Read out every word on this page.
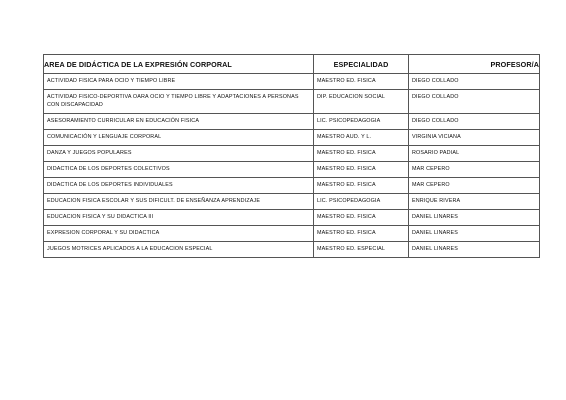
AREA DE DIDÁCTICA DE LA EXPRESIÓN CORPORAL	ESPECIALIDAD	PROFESOR/A
ACTIVIDAD FISICA PARA OCIO Y TIEMPO LIBRE	MAESTRO ED. FISICA	DIEGO COLLADO
ACTIVIDAD FISICO-DEPORTIVA OARA OCIO Y TIEMPO LIBRE Y ADAPTACIONES A PERSONAS CON DISCAPACIDAD	DIP. EDUCACION SOCIAL	DIEGO COLLADO
ASESORAMIENTO CURRICULAR EN EDUCACIÓN FISICA	LIC. PSICOPEDAGOGIA	DIEGO COLLADO
COMUNICACIÓN Y LENGUAJE CORPORAL	MAESTRO AUD. Y L.	VIRGINIA VICIANA
DANZA Y JUEGOS POPULARES	MAESTRO ED. FISICA	ROSARIO PADIAL
DIDACTICA DE LOS DEPORTES COLECTIVOS	MAESTRO ED. FISICA	MAR CEPERO
DIDACTICA DE LOS DEPORTES INDIVIDUALES	MAESTRO ED. FISICA	MAR CEPERO
EDUCACION FISICA ESCOLAR Y SUS DIFICULT. DE ENSEÑANZA APRENDIZAJE	LIC. PSICOPEDAGOGIA	ENRIQUE RIVERA
EDUCACION FISICA Y SU DIDACTICA III	MAESTRO ED. FISICA	DANIEL LINARES
EXPRESION CORPORAL Y SU DIDACTICA	MAESTRO ED. FISICA	DANIEL LINARES
JUEGOS MOTRICES APLICADOS A LA EDUCACION ESPECIAL	MAESTRO ED. ESPECIAL	DANIEL LINARES
